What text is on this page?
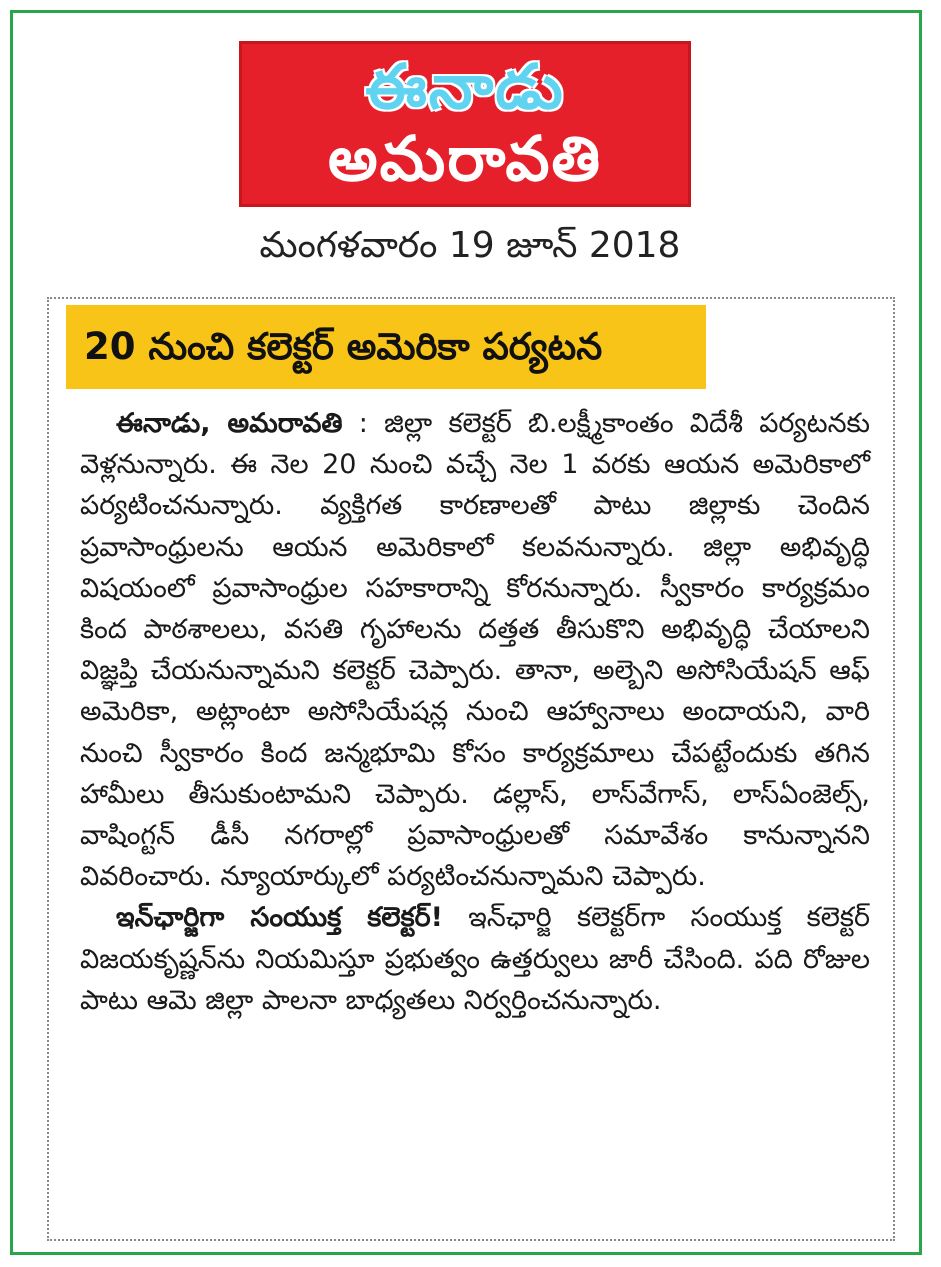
ఈనాడు
అమరావతి
మంగళవారం 19 జూన్ 2018
20 నుంచి కలెక్టర్ అమెరికా పర్యటన

ఈనాడు, అమరావతి : జిల్లా కలెక్టర్ బి.లక్ష్మీకాంతం విదేశీ పర్యటనకు వెళ్లనున్నారు. ఈ నెల 20 నుంచి వచ్చే నెల 1 వరకు ఆయన అమెరికాలో పర్యటించనున్నారు. వ్యక్తిగత కారణాలతో పాటు జిల్లాకు చెందిన ప్రవాసాంధ్రులను ఆయన అమెరికాలో కలవనున్నారు. జిల్లా అభివృద్ధి విషయంలో ప్రవాసాంధ్రుల సహకారాన్ని కోరనున్నారు. స్వీకారం కార్యక్రమం కింద పాఠశాలలు, వసతి గృహాలను దత్తత తీసుకొని అభివృద్ధి చేయాలని విజ్ఞప్తి చేయనున్నామని కలెక్టర్ చెప్పారు. తానా, అల్బెని అసోసియేషన్ ఆఫ్ అమెరికా, అట్లాంటా అసోసియేషన్ల నుంచి ఆహ్వానాలు అందాయని, వారి నుంచి స్వీకారం కింద జన్మభూమి కోసం కార్యక్రమాలు చేపట్టేందుకు తగిన హామీలు తీసుకుంటామని చెప్పారు. డల్లాస్, లాస్‌వేగాస్, లాస్‌ఏంజెల్స్, వాషింగ్టన్ డీసీ నగరాల్లో ప్రవాసాంధ్రులతో సమావేశం కానున్నానని వివరించారు. న్యూయార్కులో పర్యటించనున్నామని చెప్పారు.

ఇన్‌ఛార్జిగా సంయుక్త కలెక్టర్! ఇన్‌ఛార్జి కలెక్టర్‌గా సంయుక్త కలెక్టర్ విజయకృష్ణన్‌ను నియమిస్తూ ప్రభుత్వం ఉత్తర్వులు జారీ చేసింది. పది రోజుల పాటు ఆమె జిల్లా పాలనా బాధ్యతలు నిర్వర్తించనున్నారు.
